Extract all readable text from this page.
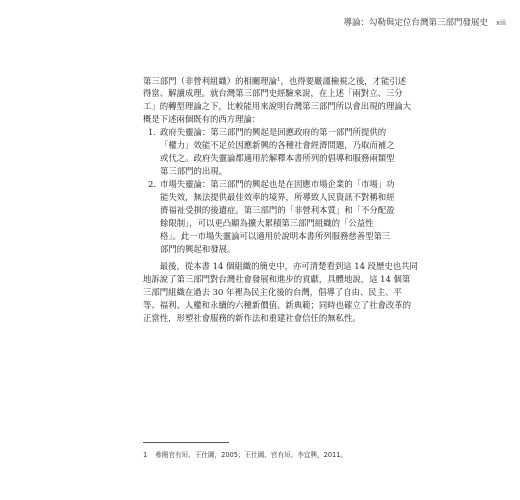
導論：勾勒與定位台灣第三部門發展史 xiii
第三部門（非營利組織）的相關理論$^1$，也得要嚴謹檢視之後，才能引述
得當、解讀成理。就台灣第三部門史經驗來說，在上述「兩對立、三分
工」的轉型理論之下，比較能用來說明台灣第三部門所以會出現的理論大
概是下述兩個既有的西方理論：
1. 政府失靈論：第三部門的興起是回應政府的第一部門所提供的
「權力」效能不足於因應新興的各種社會經濟問題，乃取而補之
或代之。政府失靈論都適用於解釋本書所列的倡導和服務兩類型
第三部門的出現。
2. 市場失靈論：第三部門的興起也是在因應市場企業的「市場」功
能失效，無法提供最佳效率的境界，所導致人民資訊不對稱和經
濟福祉受損的後遺症。第三部門的「非營利本質」和「不分配盈
餘限制」，可以更凸顯為擴大累積第三部門組織的「公益性
格」。此一市場失靈論可以適用於說明本書所列服務慈善型第三
部門的興起和發展。
　　最後，從本書 14 個組織的簡史中，亦可清楚看到這 14 段歷史也共同
地訴說了第三部門對台灣社會發展和進步的貢獻，具體地說，這 14 個第
三部門組織在過去 30 年裡為民主化後的台灣，倡導了自由、民主、平
等、福利、人權和永續的六種新價值、新典範；同時也確立了社會改革的
正當性，形塑社會服務的新作法和重建社會信任的無私性。
1 參閱官有垣、王仕圖，2005；王仕圖、官有垣、李宜興，2011。
